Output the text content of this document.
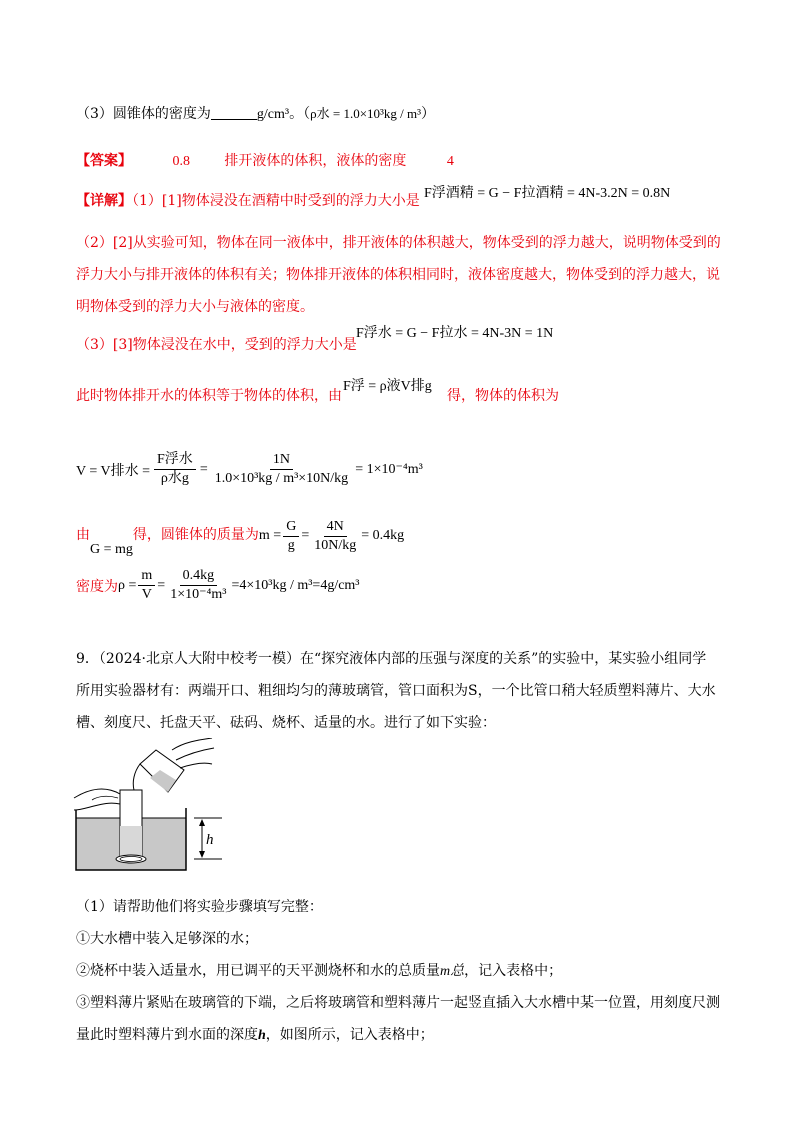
（3）圆锥体的密度为	g/cm³。（ρ水 = 1.0×10³kg / m³）
【答案】	0.8 排开液体的体积，液体的密度	4
【详解】（1）[1]物体浸没在酒精中时受到的浮力大小是 F浮酒精 = G − F拉酒精 = 4N-3.2N = 0.8N
（2）[2]从实验可知，物体在同一液体中，排开液体的体积越大，物体受到的浮力越大，说明物体受到的
浮力大小与排开液体的体积有关；物体排开液体的体积相同时，液体密度越大，物体受到的浮力越大，说
明物体受到的浮力大小与液体的密度。
（3）[3]物体浸没在水中，受到的浮力大小是
F浮水 = G − F拉水 = 4N-3N = 1N
此时物体排开水的体积等于物体的体积，由
F浮 = ρ液V排g
得，物体的体积为
V = V排水 = $\frac{\text{F浮水}}{\text{ρ水g}} = \frac{1N}{\text{1.0×10³kg / m³×10N/kg}} = 1\times 10^{-4}m^3$
由
G = mg
得，圆锥体的质量为 $m = \frac{G}{g} = \frac{4N}{10N/kg} = 0.4kg$
密度为 $\rho = \frac{m}{V} = \frac{0.4kg}{\text{1×10⁻⁴m³}} =4\times 10^3kg / m^3=4g/cm^3$
9．（2024·北京人大附中校考一模）在“探究液体内部的压强与深度的关系”的实验中，某实验小组同学
所用实验器材有：两端开口、粗细均匀的薄玻璃管，管口面积为S，一个比管口稍大轻质塑料薄片、大水
槽、刻度尺、托盘天平、砝码、烧杯、适量的水。进行了如下实验：
h
（1）请帮助他们将实验步骤填写完整：
①大水槽中装入足够深的水；
②烧杯中装入适量水，用已调平的天平测烧杯和水的总质量m总，记入表格中；
③塑料薄片紧贴在玻璃管的下端，之后将玻璃管和塑料薄片一起竖直插入大水槽中某一位置，用刻度尺测
量此时塑料薄片到水面的深度h，如图所示，记入表格中；
